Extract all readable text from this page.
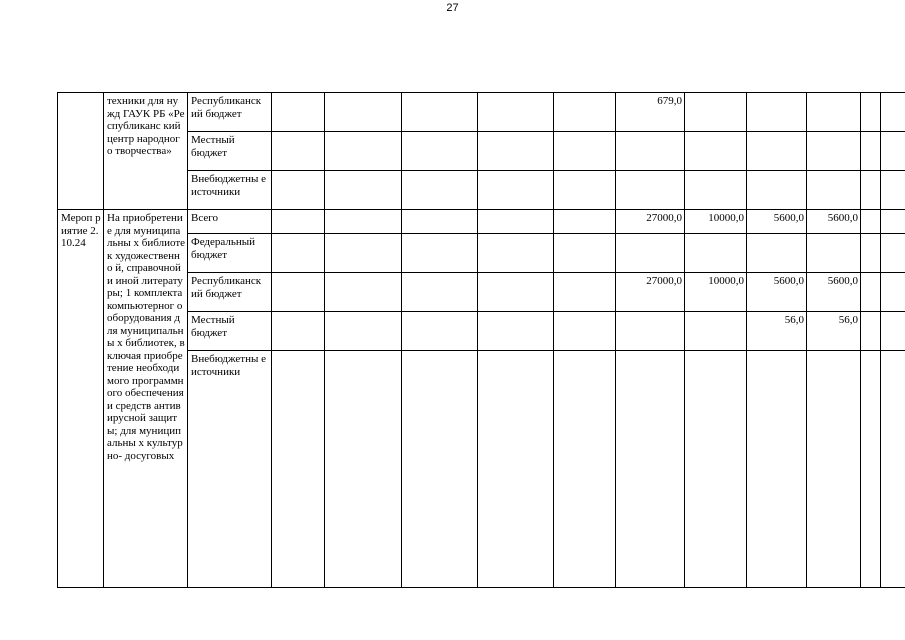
27
	техники для нужд ГАУК РБ «Республиканс кий центр народного творчества»	Республиканск ий бюджет						679,0					
		Местный бюджет											
		Внебюджетны е источники											
Мероп риятие 2.10.24	На приобретение для муниципальны х библиотек художественно й, справочной и иной литературы; 1 комплекта компьютерног о оборудования для муниципальны х библиотек, включая приобретение необходимого программного обеспечения и средств антивирусной защиты; для муниципальны х культурно- досуговых	Всего						27000,0	10000,0	5600,0	5600,0		
		Федеральный бюджет											
		Республиканск ий бюджет						27000,0	10000,0	5600,0	5600,0		
		Местный бюджет								56,0	56,0		
		Внебюджетны е источники											
